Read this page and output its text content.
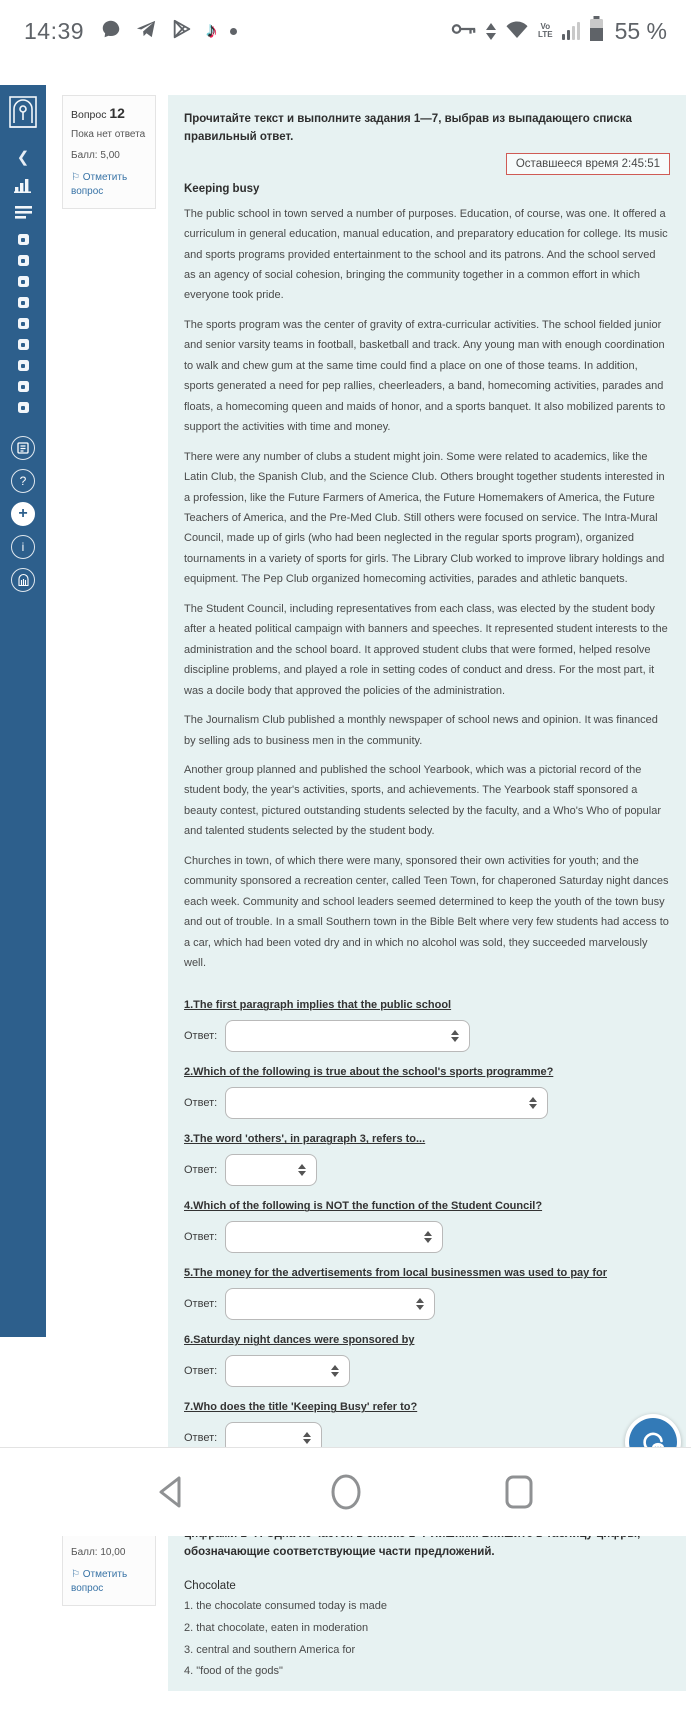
14:39	♪	Vo
LTE	55 %
❮
?
+
i
Вопрос 12
Пока нет ответа
Балл: 5,00
⚐ Отметить вопрос

Прочитайте текст и выполните задания 1—7, выбрав из выпадающего списка правильный ответ.

Оставшееся время 2:45:51
Keeping busy

The public school in town served a number of purposes. Education, of course, was one. It offered a curriculum in general education, manual education, and preparatory education for college. Its music and sports programs provided entertainment to the school and its patrons. And the school served as an agency of social cohesion, bringing the community together in a common effort in which everyone took pride.

The sports program was the center of gravity of extra-curricular activities. The school fielded junior and senior varsity teams in football, basketball and track. Any young man with enough coordination to walk and chew gum at the same time could find a place on one of those teams. In addition, sports generated a need for pep rallies, cheerleaders, a band, homecoming activities, parades and floats, a homecoming queen and maids of honor, and a sports banquet. It also mobilized parents to support the activities with time and money.

There were any number of clubs a student might join. Some were related to academics, like the Latin Club, the Spanish Club, and the Science Club. Others brought together students interested in a profession, like the Future Farmers of America, the Future Homemakers of America, the Future Teachers of America, and the Pre-Med Club. Still others were focused on service. The Intra-Mural Council, made up of girls (who had been neglected in the regular sports program), organized tournaments in a variety of sports for girls. The Library Club worked to improve library holdings and equipment. The Pep Club organized homecoming activities, parades and athletic banquets.

The Student Council, including representatives from each class, was elected by the student body after a heated political campaign with banners and speeches. It represented student interests to the administration and the school board. It approved student clubs that were formed, helped resolve discipline problems, and played a role in setting codes of conduct and dress. For the most part, it was a docile body that approved the policies of the administration.

The Journalism Club published a monthly newspaper of school news and opinion. It was financed by selling ads to business men in the community.

Another group planned and published the school Yearbook, which was a pictorial record of the student body, the year's activities, sports, and achievements. The Yearbook staff sponsored a beauty contest, pictured outstanding students selected by the faculty, and a Who's Who of popular and talented students selected by the student body.

Churches in town, of which there were many, sponsored their own activities for youth; and the community sponsored a recreation center, called Teen Town, for chaperoned Saturday night dances each week. Community and school leaders seemed determined to keep the youth of the town busy and out of trouble. In a small Southern town in the Bible Belt where very few students had access to a car, which had been voted dry and in which no alcohol was sold, they succeeded marvelously well.

1.The first paragraph implies that the public school
Ответ:
2.Which of the following is true about the school's sports programme?
Ответ:
3.The word 'others', in paragraph 3, refers to...
Ответ:
4.Which of the following is NOT the function of the Student Council?
Ответ:
5.The money for the advertisements from local businessmen was used to pay for
Ответ:
6.Saturday night dances were sponsored by
Ответ:
7.Who does the title 'Keeping Busy' refer to?
Ответ:
Балл: 10,00
⚐ Отметить вопрос

обозначающие соответствующие части предложений.

Chocolate
1. the chocolate consumed today is made
2. that chocolate, eaten in moderation
3. central and southern America for
4. "food of the gods"
